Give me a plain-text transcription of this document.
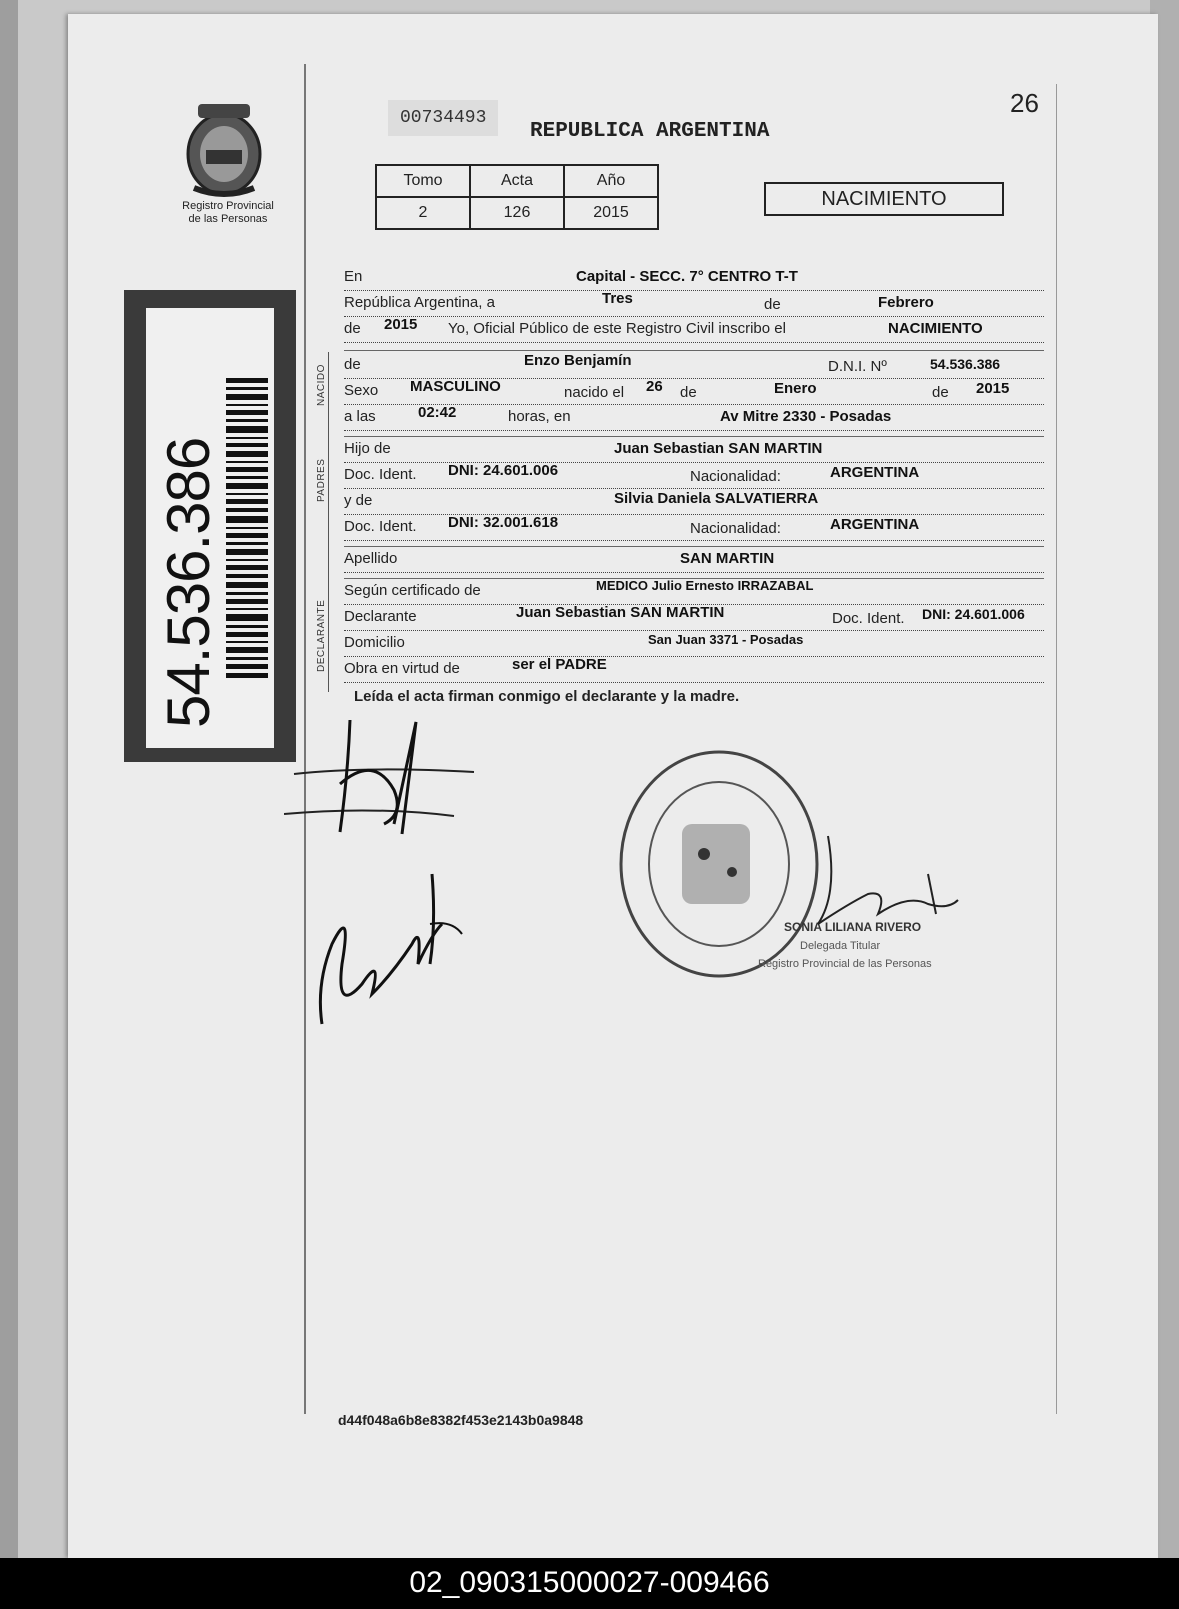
Registro Provincial
de las Personas
00734493
REPUBLICA ARGENTINA
26
Tomo	Acta	Año
2	126	2015
NACIMIENTO
54.536.386
NACIDO
PADRES
DECLARANTE
En	Capital - SECC. 7° CENTRO T-T
República Argentina, a	Tres	de	Febrero
de 2015 Yo, Oficial Público de este Registro Civil inscribo el	NACIMIENTO
de	Enzo Benjamín	D.N.I. Nº	54.536.386
Sexo MASCULINO	nacido el 26 de	Enero	de 2015
a las	02:42	horas, en	Av Mitre 2330 - Posadas
Hijo de	Juan Sebastian SAN MARTIN
Doc. Ident. DNI: 24.601.006	Nacionalidad:	ARGENTINA
y de	Silvia Daniela SALVATIERRA
Doc. Ident. DNI: 32.001.618	Nacionalidad:	ARGENTINA
Apellido	SAN MARTIN
Según certificado de	MEDICO Julio Ernesto IRRAZABAL
Declarante	Juan Sebastian SAN MARTIN	Doc. Ident. DNI: 24.601.006
Domicilio	San Juan 3371 - Posadas
Obra en virtud de	ser el PADRE
Leída el acta firman conmigo el declarante y la madre.
SONIA LILIANA RIVERO
Delegada Titular
Registro Provincial de las Personas
d44f048a6b8e8382f453e2143b0a9848
02_090315000027-009466
